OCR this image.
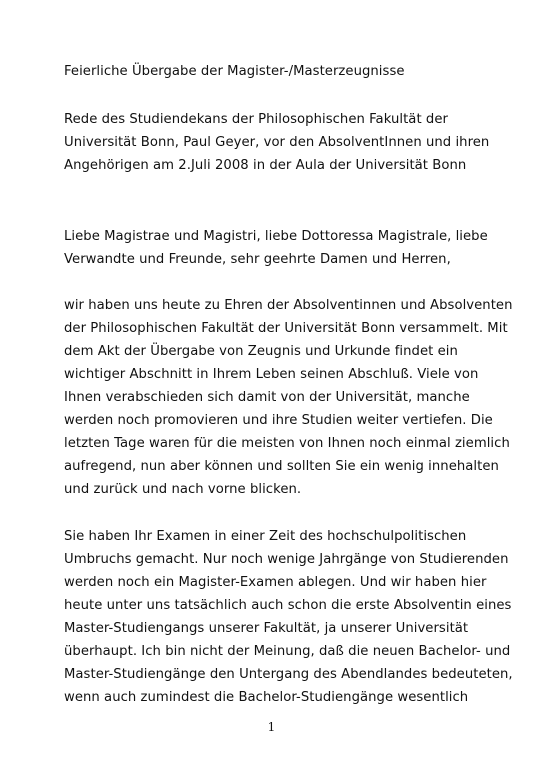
Feierliche Übergabe der Magister-/Masterzeugnisse
Rede des Studiendekans der Philosophischen Fakultät der
Universität Bonn, Paul Geyer, vor den AbsolventInnen und ihren
Angehörigen am 2.Juli 2008 in der Aula der Universität Bonn
Liebe Magistrae und Magistri, liebe Dottoressa Magistrale, liebe
Verwandte und Freunde, sehr geehrte Damen und Herren,
wir haben uns heute zu Ehren der Absolventinnen und Absolventen
der Philosophischen Fakultät der Universität Bonn versammelt. Mit
dem Akt der Übergabe von Zeugnis und Urkunde findet ein
wichtiger Abschnitt in Ihrem Leben seinen Abschluß. Viele von
Ihnen verabschieden sich damit von der Universität, manche
werden noch promovieren und ihre Studien weiter vertiefen. Die
letzten Tage waren für die meisten von Ihnen noch einmal ziemlich
aufregend, nun aber können und sollten Sie ein wenig innehalten
und zurück und nach vorne blicken.
Sie haben Ihr Examen in einer Zeit des hochschulpolitischen
Umbruchs gemacht. Nur noch wenige Jahrgänge von Studierenden
werden noch ein Magister-Examen ablegen. Und wir haben hier
heute unter uns tatsächlich auch schon die erste Absolventin eines
Master-Studiengangs unserer Fakultät, ja unserer Universität
überhaupt. Ich bin nicht der Meinung, daß die neuen Bachelor- und
Master-Studiengänge den Untergang des Abendlandes bedeuteten,
wenn auch zumindest die Bachelor-Studiengänge wesentlich
1
